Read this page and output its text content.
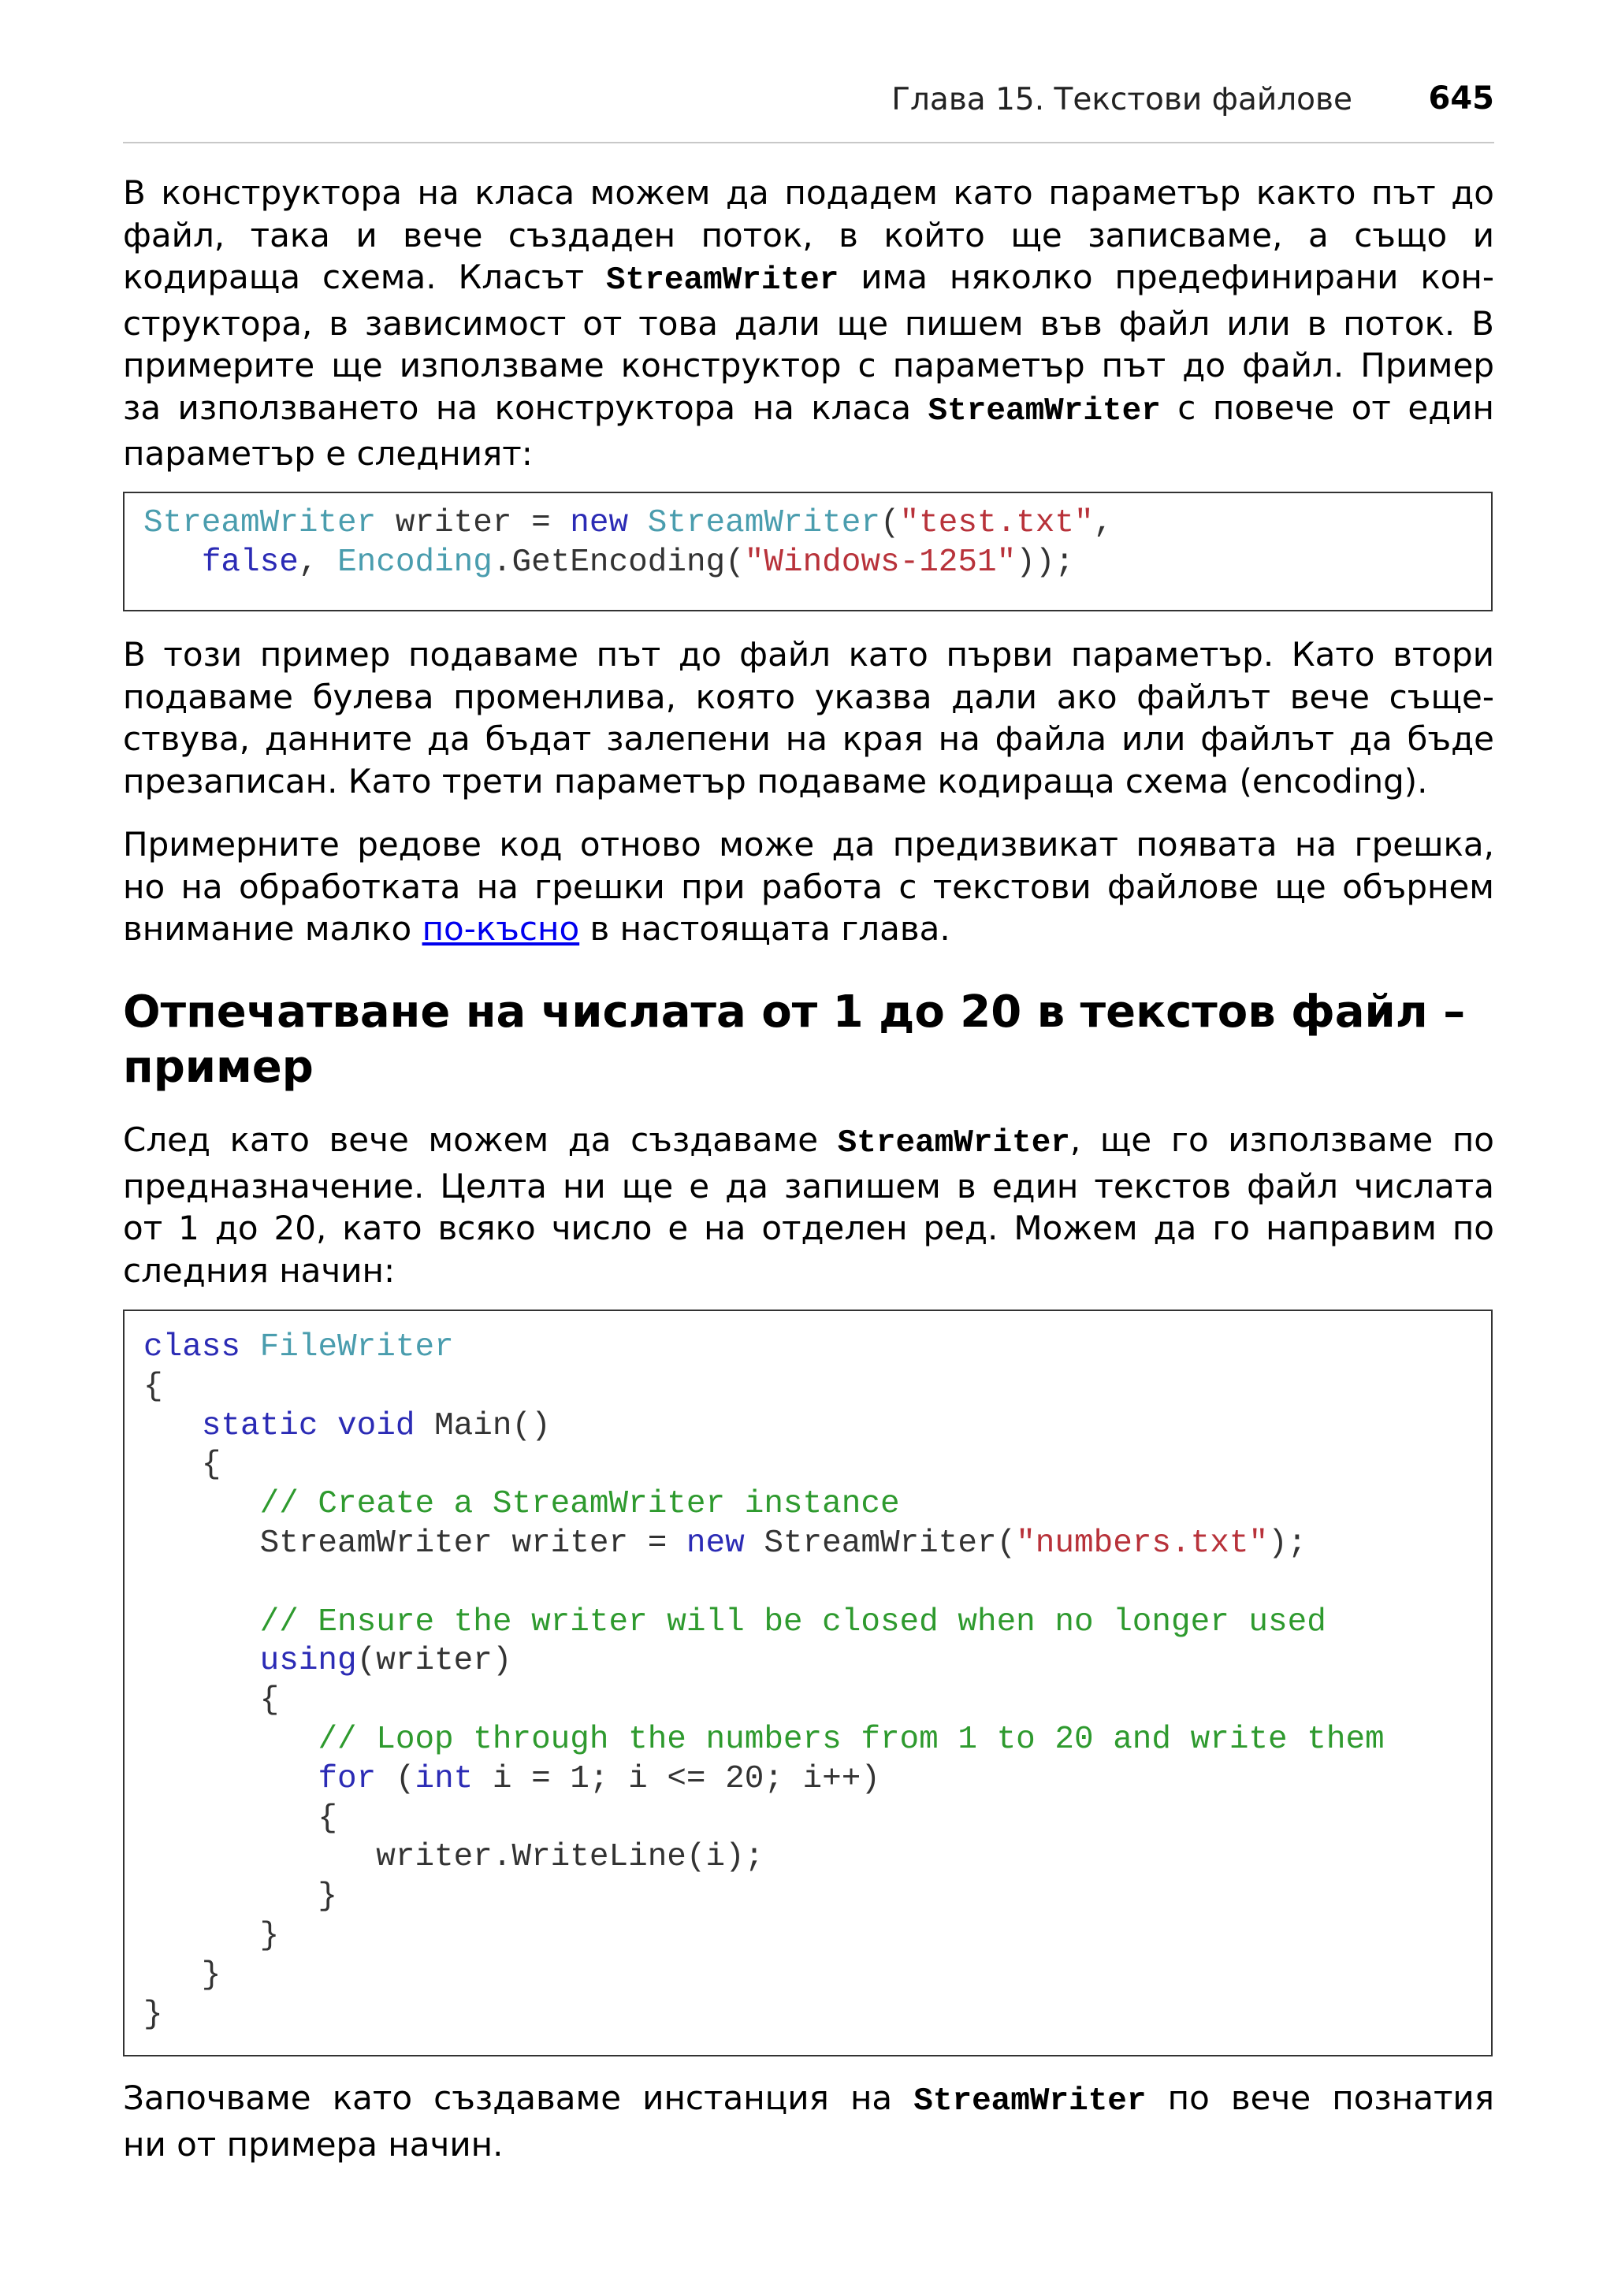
Глава 15. Текстови файлове 645
В конструктора на класа можем да подадем като параметър както път до
файл, така и вече създаден поток, в който ще записваме, а също и
кодираща схема. Класът StreamWriter има няколко предефинирани кон-
структора, в зависимост от това дали ще пишем във файл или в поток. В
примерите ще използваме конструктор с параметър път до файл. Пример
за използването на конструктора на класа StreamWriter с повече от един
параметър е следният:
StreamWriter writer = new StreamWriter("test.txt",
false, Encoding.GetEncoding("Windows-1251"));
В този пример подаваме път до файл като първи параметър. Като втори
подаваме булева променлива, която указва дали ако файлът вече съще-
ствува, данните да бъдат залепени на края на файла или файлът да бъде
презаписан. Като трети параметър подаваме кодираща схема (encoding).
Примерните редове код отново може да предизвикат появата на грешка,
но на обработката на грешки при работа с текстови файлове ще обърнем
внимание малко по-късно в настоящата глава.
Отпечатване на числата от 1 до 20 в текстов файл –
пример
След като вече можем да създаваме StreamWriter, ще го използваме по
предназначение. Целта ни ще е да запишем в един текстов файл числата
от 1 до 20, като всяко число е на отделен ред. Можем да го направим по
следния начин:
class FileWriter
{
static void Main()
{
// Create a StreamWriter instance
StreamWriter writer = new StreamWriter("numbers.txt");

// Ensure the writer will be closed when no longer used
using(writer)
{
// Loop through the numbers from 1 to 20 and write them
for (int i = 1; i <= 20; i++)
{
writer.WriteLine(i);
}
}
}
}
Започваме като създаваме инстанция на StreamWriter по вече познатия
ни от примера начин.
